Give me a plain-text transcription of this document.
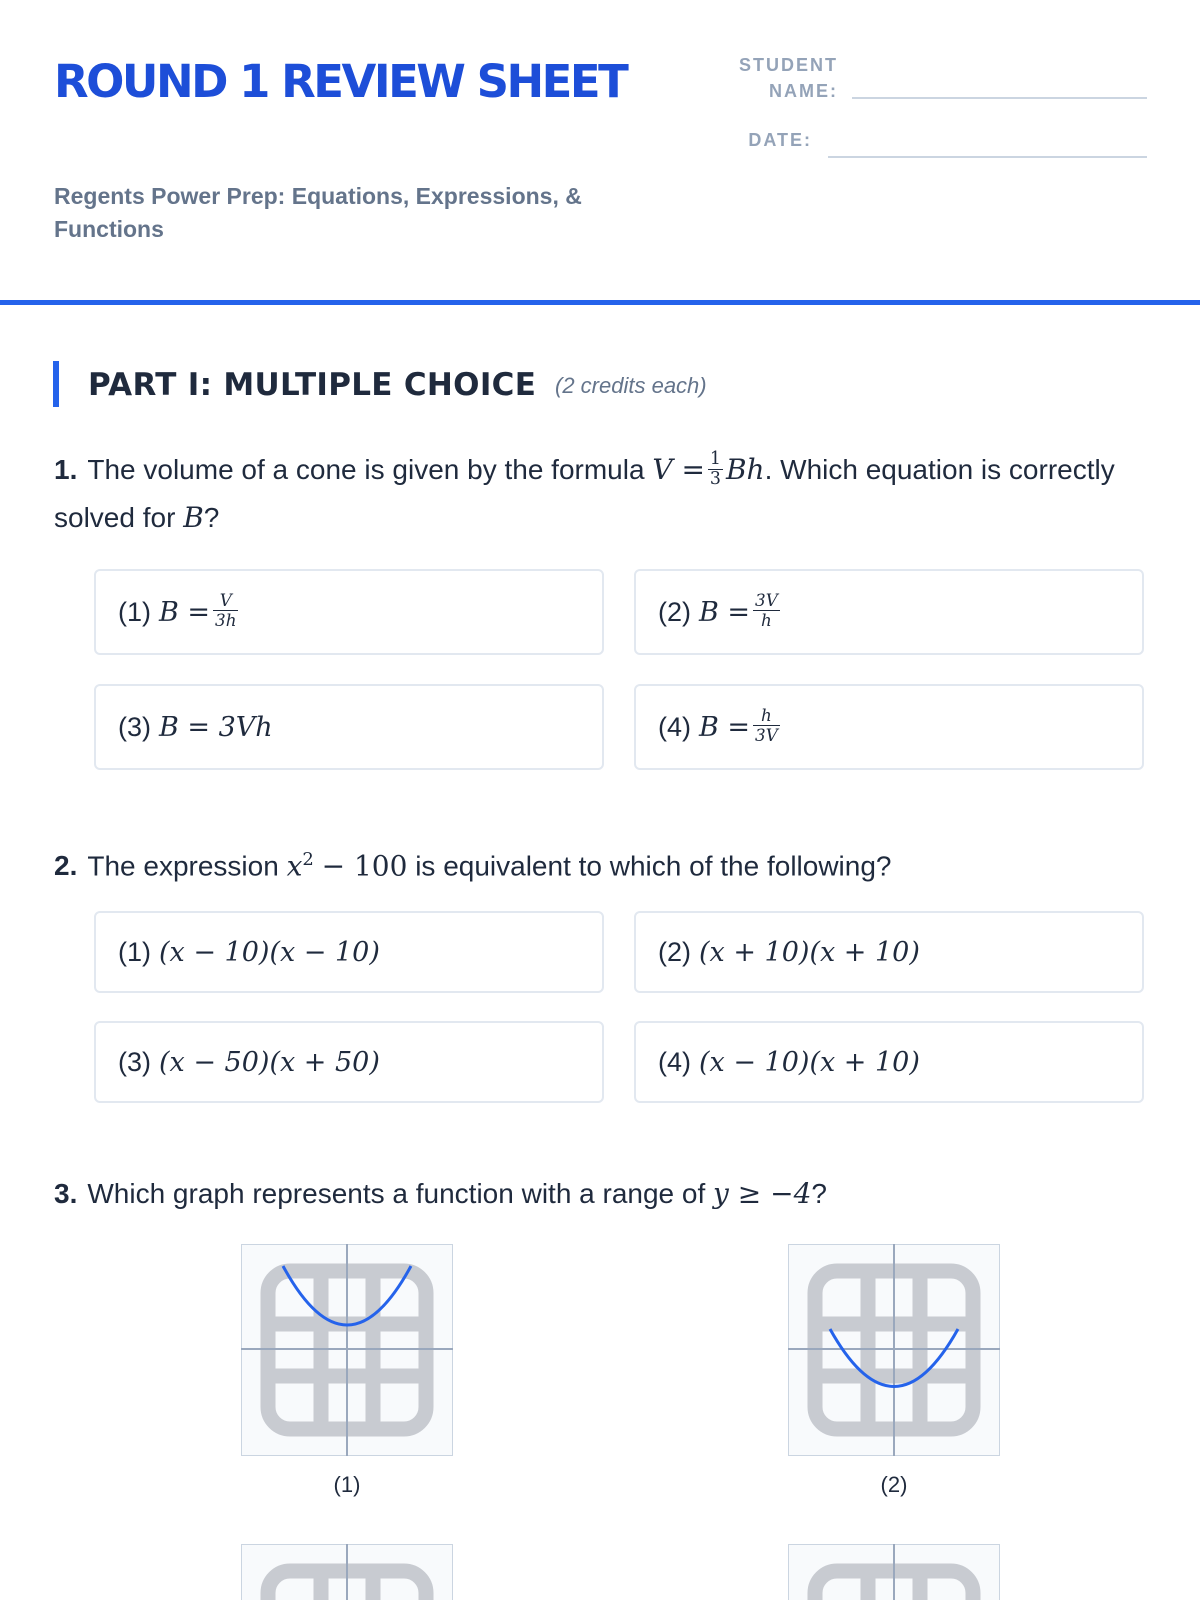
ROUND 1 REVIEW SHEET
Regents Power Prep: Equations, Expressions, & Functions
STUDENT NAME:
DATE:
PART I: MULTIPLE CHOICE (2 credits each)
1. The volume of a cone is given by the formula $V = \frac{1}{3} Bh$. Which equation is correctly solved for B?
(1) $B = \frac{V}{3h}$	(2) $B = \frac{3V}{h}$
(3) B = 3Vh	(4) $B = \frac{h}{3V}$
2. The expression $x^2 - 100$ is equivalent to which of the following?
(1) (x − 10)(x − 10)	(2) (x + 10)(x + 10)
(3) (x − 50)(x + 50)	(4) (x − 10)(x + 10)
3. Which graph represents a function with a range of y ≥ −4?
(1)	(2)
